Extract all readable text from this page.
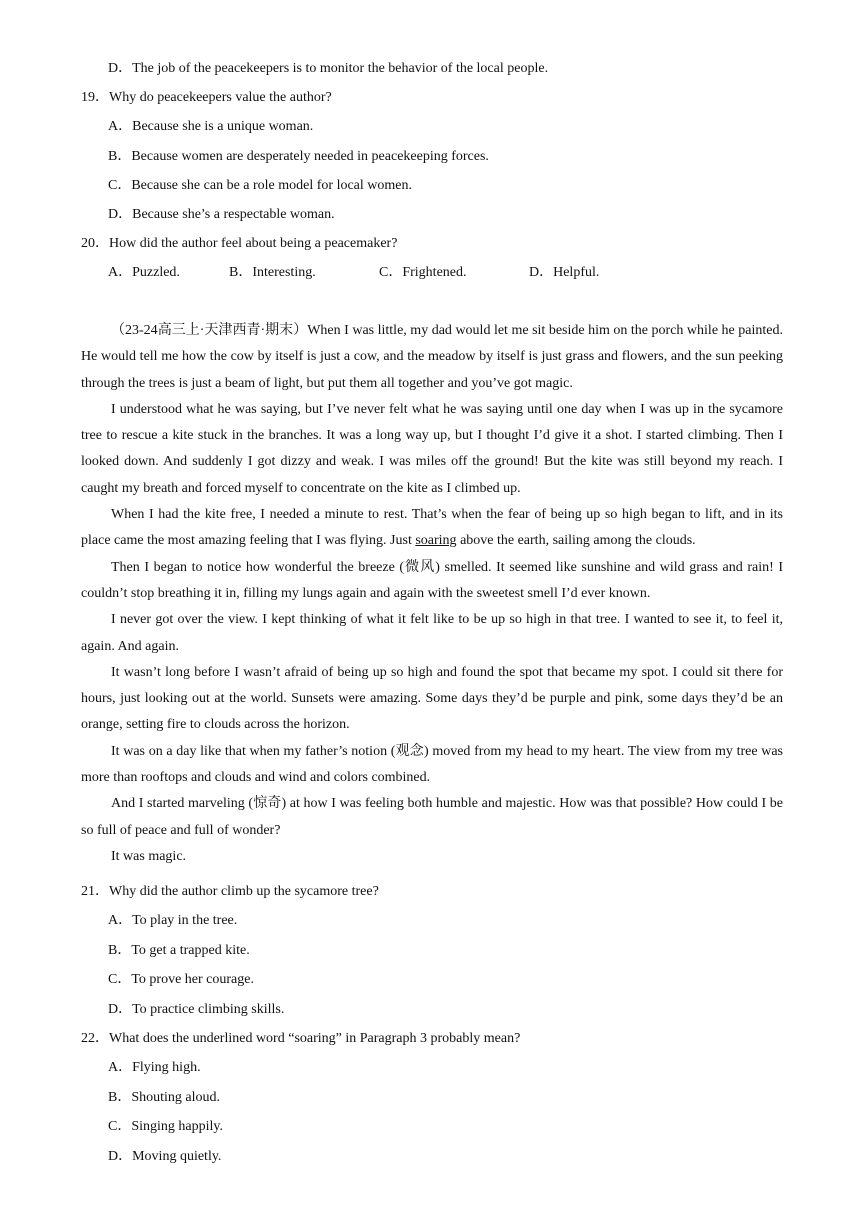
D．The job of the peacekeepers is to monitor the behavior of the local people.
19．Why do peacekeepers value the author?
A．Because she is a unique woman.
B．Because women are desperately needed in peacekeeping forces.
C．Because she can be a role model for local women.
D．Because she’s a respectable woman.
20．How did the author feel about being a peacemaker?
A．Puzzled.	B．Interesting.	C．Frightened.	D．Helpful.

（23-24高三上·天津西青·期末）When I was little, my dad would let me sit beside him on the porch while he painted. He would tell me how the cow by itself is just a cow, and the meadow by itself is just grass and flowers, and the sun peeking through the trees is just a beam of light, but put them all together and you’ve got magic.

I understood what he was saying, but I’ve never felt what he was saying until one day when I was up in the sycamore tree to rescue a kite stuck in the branches. It was a long way up, but I thought I’d give it a shot. I started climbing. Then I looked down. And suddenly I got dizzy and weak. I was miles off the ground! But the kite was still beyond my reach. I caught my breath and forced myself to concentrate on the kite as I climbed up.

When I had the kite free, I needed a minute to rest. That’s when the fear of being up so high began to lift, and in its place came the most amazing feeling that I was flying. Just soaring above the earth, sailing among the clouds.

Then I began to notice how wonderful the breeze (微风) smelled. It seemed like sunshine and wild grass and rain! I couldn’t stop breathing it in, filling my lungs again and again with the sweetest smell I’d ever known.

I never got over the view. I kept thinking of what it felt like to be up so high in that tree. I wanted to see it, to feel it, again. And again.

It wasn’t long before I wasn’t afraid of being up so high and found the spot that became my spot. I could sit there for hours, just looking out at the world. Sunsets were amazing. Some days they’d be purple and pink, some days they’d be an orange, setting fire to clouds across the horizon.

It was on a day like that when my father’s notion (观念) moved from my head to my heart. The view from my tree was more than rooftops and clouds and wind and colors combined.

And I started marveling (惊奇) at how I was feeling both humble and majestic. How was that possible? How could I be so full of peace and full of wonder?

It was magic.

21．Why did the author climb up the sycamore tree?
A．To play in the tree.
B．To get a trapped kite.
C．To prove her courage.
D．To practice climbing skills.
22．What does the underlined word “soaring” in Paragraph 3 probably mean?
A．Flying high.
B．Shouting aloud.
C．Singing happily.
D．Moving quietly.
